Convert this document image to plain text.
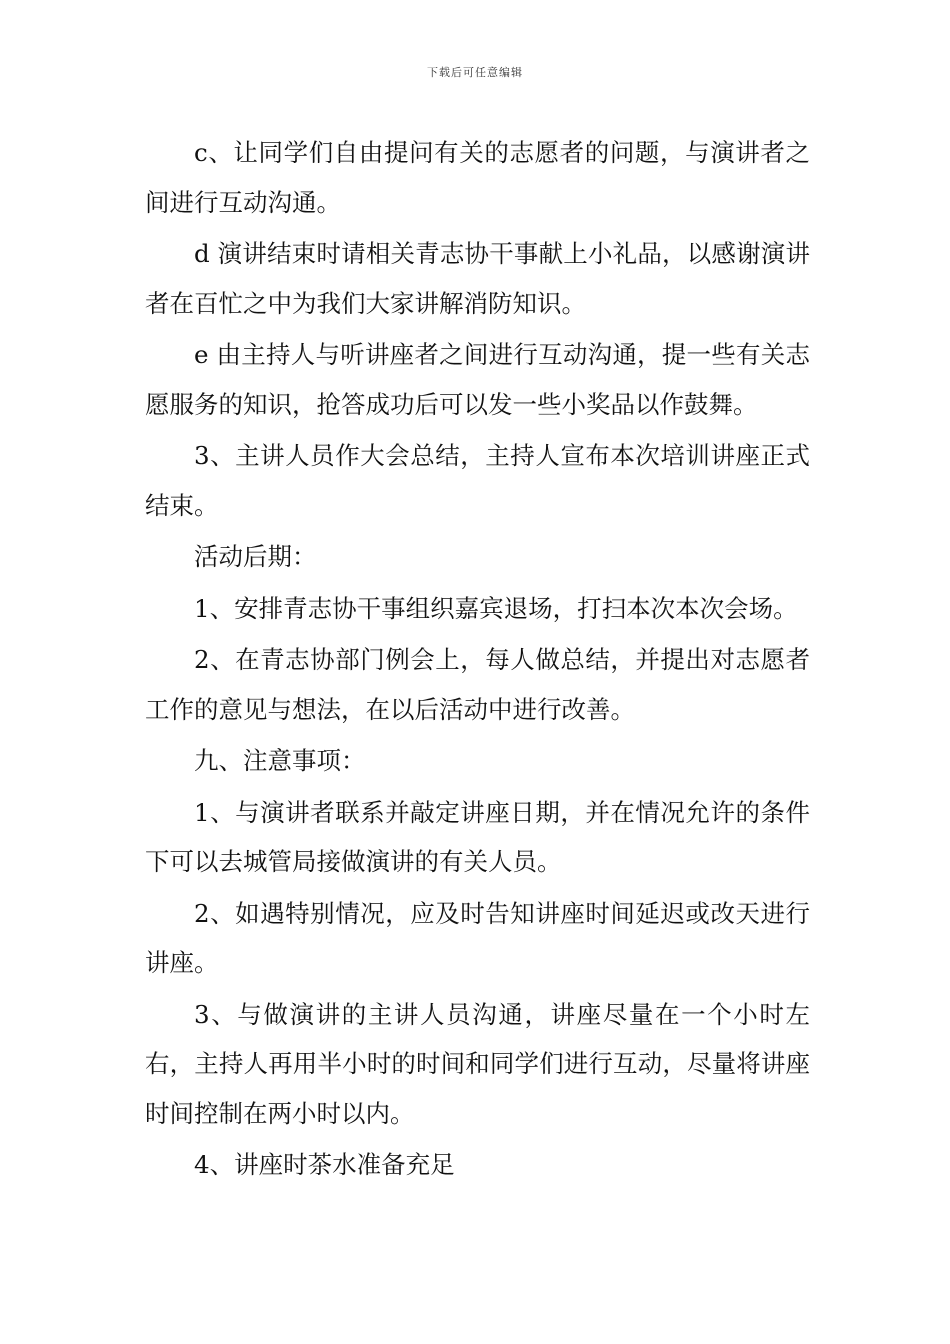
下载后可任意编辑

c、让同学们自由提问有关的志愿者的问题，与演讲者之间进行互动沟通。

d 演讲结束时请相关青志协干事献上小礼品，以感谢演讲者在百忙之中为我们大家讲解消防知识。

e 由主持人与听讲座者之间进行互动沟通，提一些有关志愿服务的知识，抢答成功后可以发一些小奖品以作鼓舞。

3、主讲人员作大会总结，主持人宣布本次培训讲座正式结束。

活动后期：

1、安排青志协干事组织嘉宾退场，打扫本次本次会场。

2、在青志协部门例会上，每人做总结，并提出对志愿者工作的意见与想法，在以后活动中进行改善。

九、注意事项：

1、与演讲者联系并敲定讲座日期，并在情况允许的条件下可以去城管局接做演讲的有关人员。

2、如遇特别情况，应及时告知讲座时间延迟或改天进行讲座。

3、与做演讲的主讲人员沟通，讲座尽量在一个小时左右，主持人再用半小时的时间和同学们进行互动，尽量将讲座时间控制在两小时以内。

4、讲座时茶水准备充足
